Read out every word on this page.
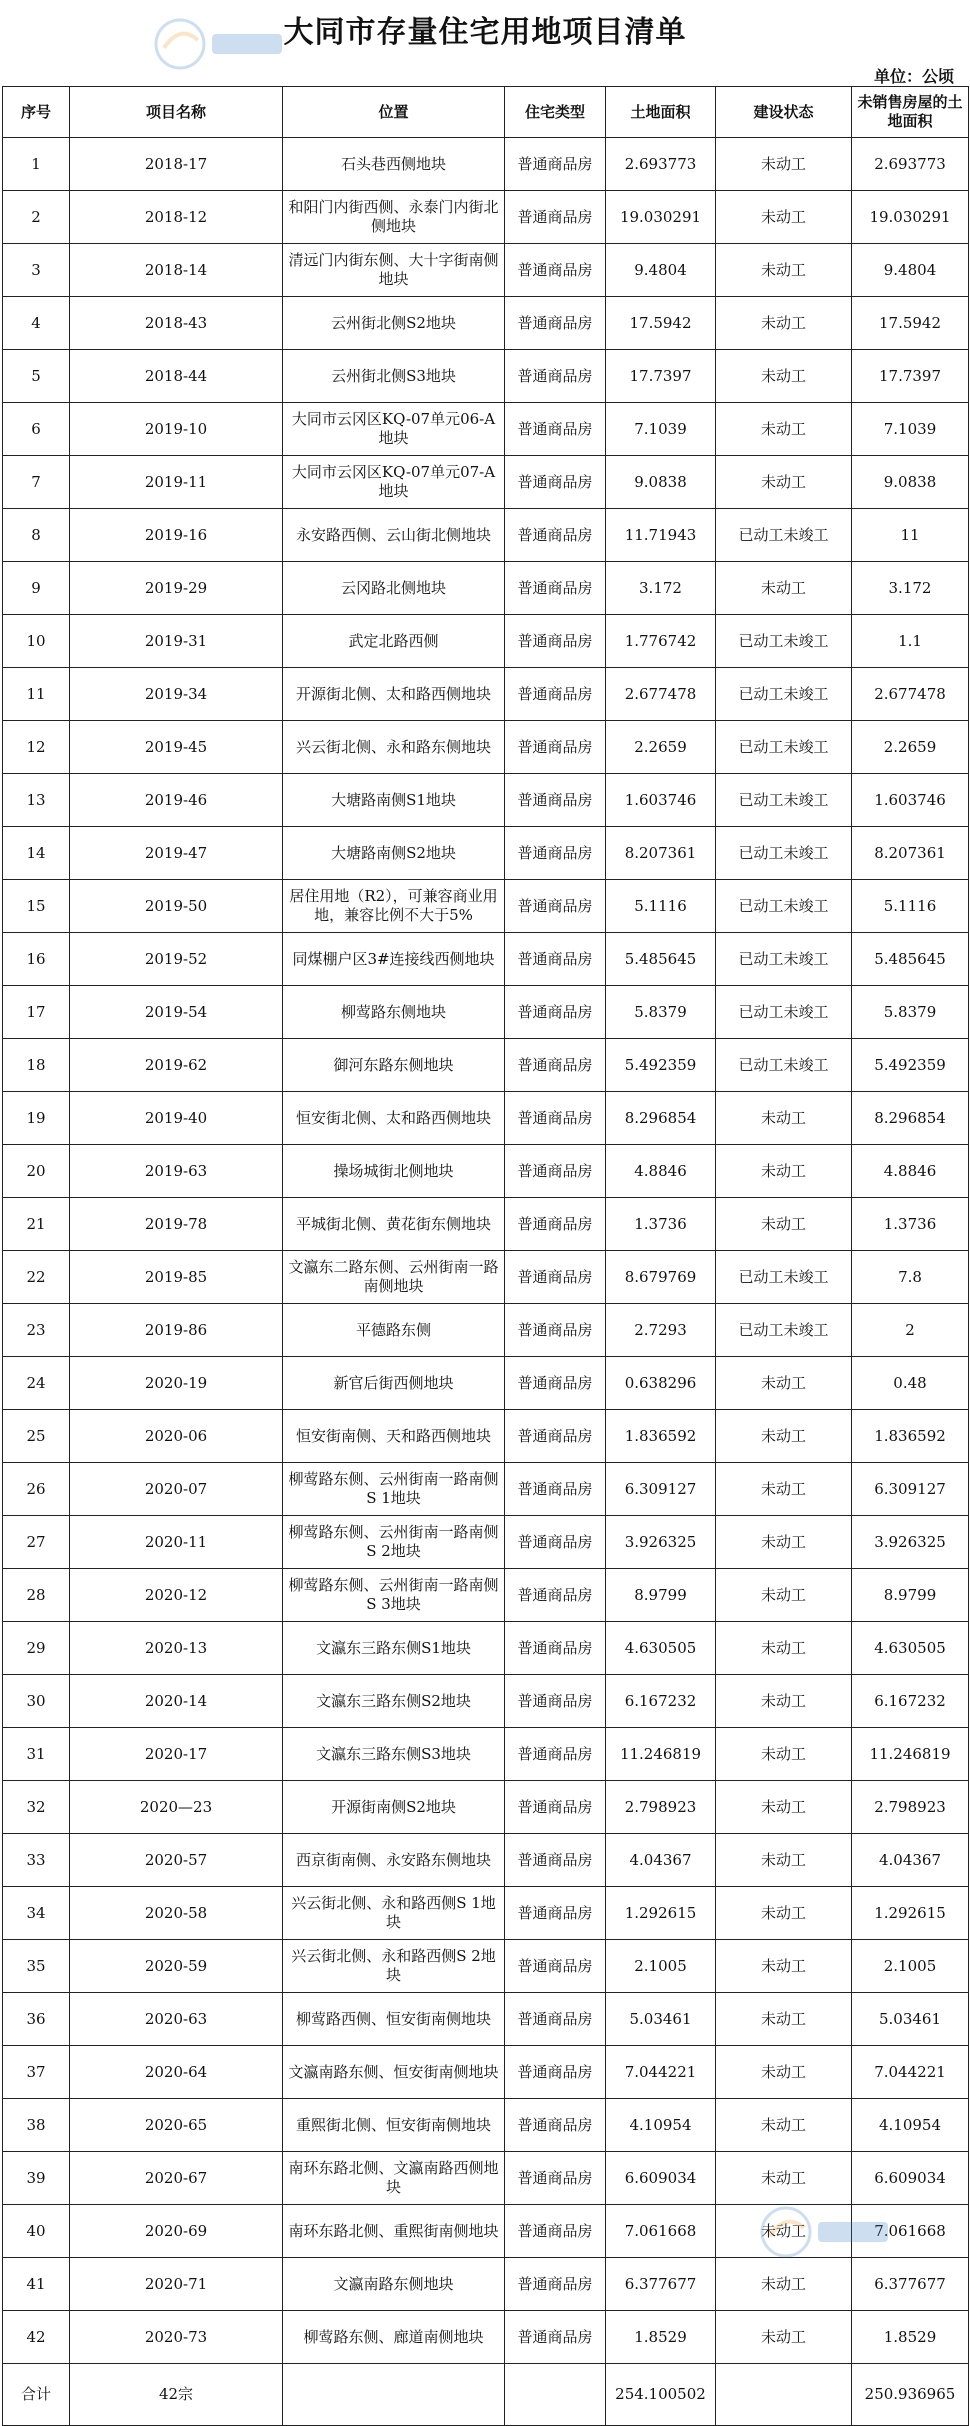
大同市存量住宅用地项目清单
单位：公顷
序号	项目名称	位置	住宅类型	土地面积	建设状态	未销售房屋的土地面积
1	2018-17	石头巷西侧地块	普通商品房	2.693773	未动工	2.693773
2	2018-12	和阳门内街西侧、永泰门内街北侧地块	普通商品房	19.030291	未动工	19.030291
3	2018-14	清远门内街东侧、大十字街南侧地块	普通商品房	9.4804	未动工	9.4804
4	2018-43	云州街北侧S2地块	普通商品房	17.5942	未动工	17.5942
5	2018-44	云州街北侧S3地块	普通商品房	17.7397	未动工	17.7397
6	2019-10	大同市云冈区KQ-07单元06-A地块	普通商品房	7.1039	未动工	7.1039
7	2019-11	大同市云冈区KQ-07单元07-A地块	普通商品房	9.0838	未动工	9.0838
8	2019-16	永安路西侧、云山街北侧地块	普通商品房	11.71943	已动工未竣工	11
9	2019-29	云冈路北侧地块	普通商品房	3.172	未动工	3.172
10	2019-31	武定北路西侧	普通商品房	1.776742	已动工未竣工	1.1
11	2019-34	开源街北侧、太和路西侧地块	普通商品房	2.677478	已动工未竣工	2.677478
12	2019-45	兴云街北侧、永和路东侧地块	普通商品房	2.2659	已动工未竣工	2.2659
13	2019-46	大塘路南侧S1地块	普通商品房	1.603746	已动工未竣工	1.603746
14	2019-47	大塘路南侧S2地块	普通商品房	8.207361	已动工未竣工	8.207361
15	2019-50	居住用地（R2），可兼容商业用地，兼容比例不大于5%	普通商品房	5.1116	已动工未竣工	5.1116
16	2019-52	同煤棚户区3#连接线西侧地块	普通商品房	5.485645	已动工未竣工	5.485645
17	2019-54	柳莺路东侧地块	普通商品房	5.8379	已动工未竣工	5.8379
18	2019-62	御河东路东侧地块	普通商品房	5.492359	已动工未竣工	5.492359
19	2019-40	恒安街北侧、太和路西侧地块	普通商品房	8.296854	未动工	8.296854
20	2019-63	操场城街北侧地块	普通商品房	4.8846	未动工	4.8846
21	2019-78	平城街北侧、黄花街东侧地块	普通商品房	1.3736	未动工	1.3736
22	2019-85	文瀛东二路东侧、云州街南一路南侧地块	普通商品房	8.679769	已动工未竣工	7.8
23	2019-86	平德路东侧	普通商品房	2.7293	已动工未竣工	2
24	2020-19	新官后街西侧地块	普通商品房	0.638296	未动工	0.48
25	2020-06	恒安街南侧、天和路西侧地块	普通商品房	1.836592	未动工	1.836592
26	2020-07	柳莺路东侧、云州街南一路南侧S 1地块	普通商品房	6.309127	未动工	6.309127
27	2020-11	柳莺路东侧、云州街南一路南侧S 2地块	普通商品房	3.926325	未动工	3.926325
28	2020-12	柳莺路东侧、云州街南一路南侧S 3地块	普通商品房	8.9799	未动工	8.9799
29	2020-13	文瀛东三路东侧S1地块	普通商品房	4.630505	未动工	4.630505
30	2020-14	文瀛东三路东侧S2地块	普通商品房	6.167232	未动工	6.167232
31	2020-17	文瀛东三路东侧S3地块	普通商品房	11.246819	未动工	11.246819
32	2020—23	开源街南侧S2地块	普通商品房	2.798923	未动工	2.798923
33	2020-57	西京街南侧、永安路东侧地块	普通商品房	4.04367	未动工	4.04367
34	2020-58	兴云街北侧、永和路西侧S 1地块	普通商品房	1.292615	未动工	1.292615
35	2020-59	兴云街北侧、永和路西侧S 2地块	普通商品房	2.1005	未动工	2.1005
36	2020-63	柳莺路西侧、恒安街南侧地块	普通商品房	5.03461	未动工	5.03461
37	2020-64	文瀛南路东侧、恒安街南侧地块	普通商品房	7.044221	未动工	7.044221
38	2020-65	重熙街北侧、恒安街南侧地块	普通商品房	4.10954	未动工	4.10954
39	2020-67	南环东路北侧、文瀛南路西侧地块	普通商品房	6.609034	未动工	6.609034
40	2020-69	南环东路北侧、重熙街南侧地块	普通商品房	7.061668	未动工	7.061668
41	2020-71	文瀛南路东侧地块	普通商品房	6.377677	未动工	6.377677
42	2020-73	柳莺路东侧、廊道南侧地块	普通商品房	1.8529	未动工	1.8529
合计	42宗			254.100502		250.936965
